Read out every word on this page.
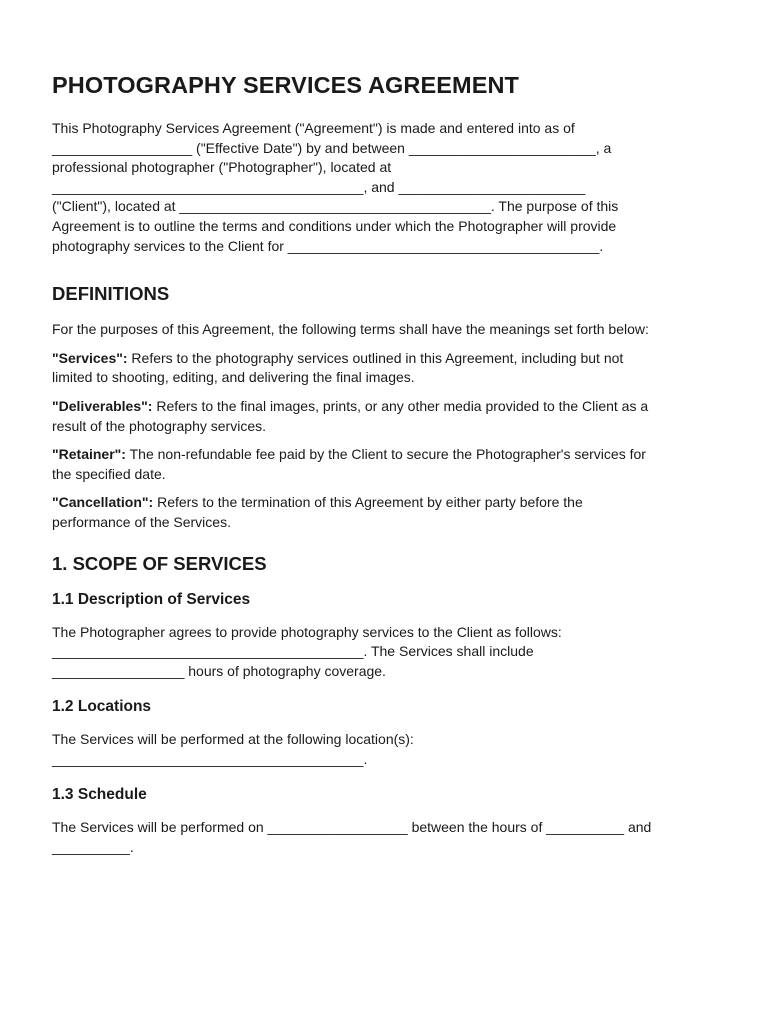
PHOTOGRAPHY SERVICES AGREEMENT

This Photography Services Agreement ("Agreement") is made and entered into as of
__________________ ("Effective Date") by and between ________________________, a
professional photographer ("Photographer"), located at
________________________________________, and ________________________
("Client"), located at ________________________________________. The purpose of this
Agreement is to outline the terms and conditions under which the Photographer will provide
photography services to the Client for ________________________________________.

DEFINITIONS

For the purposes of this Agreement, the following terms shall have the meanings set forth below:

"Services": Refers to the photography services outlined in this Agreement, including but not
limited to shooting, editing, and delivering the final images.

"Deliverables": Refers to the final images, prints, or any other media provided to the Client as a
result of the photography services.

"Retainer": The non-refundable fee paid by the Client to secure the Photographer's services for
the specified date.

"Cancellation": Refers to the termination of this Agreement by either party before the
performance of the Services.

1. SCOPE OF SERVICES
1.1 Description of Services

The Photographer agrees to provide photography services to the Client as follows:
________________________________________. The Services shall include
_________________ hours of photography coverage.

1.2 Locations

The Services will be performed at the following location(s):
________________________________________.

1.3 Schedule

The Services will be performed on __________________ between the hours of __________ and
__________.
